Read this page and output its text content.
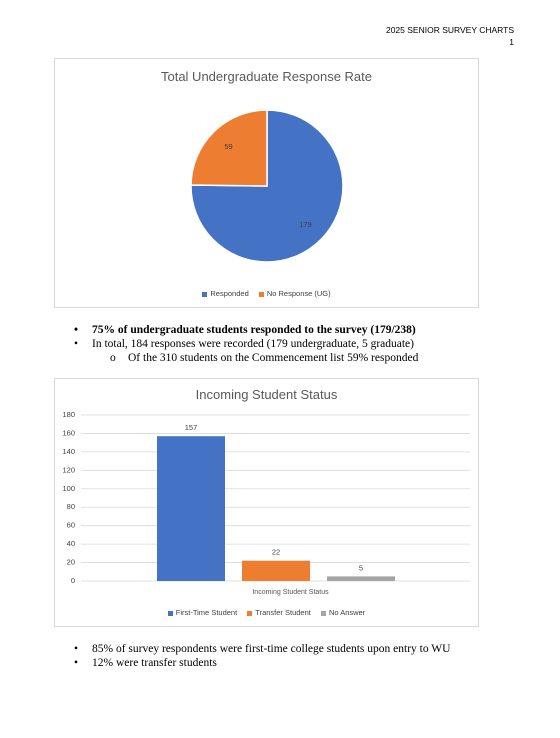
2025 SENIOR SURVEY CHARTS
1
Total Undergraduate Response Rate
179
59
Responded No Response (UG)
• 75% of undergraduate students responded to the survey (179/238)
• In total, 184 responses were recorded (179 undergraduate, 5 graduate)
o Of the 310 students on the Commencement list 59% responded
Incoming Student Status
0
20
40
60
80
100
120
140
160
180
157
22
5
Incoming Student Status
First-Time Student Transfer Student No Answer
• 85% of survey respondents were first-time college students upon entry to WU
• 12% were transfer students
